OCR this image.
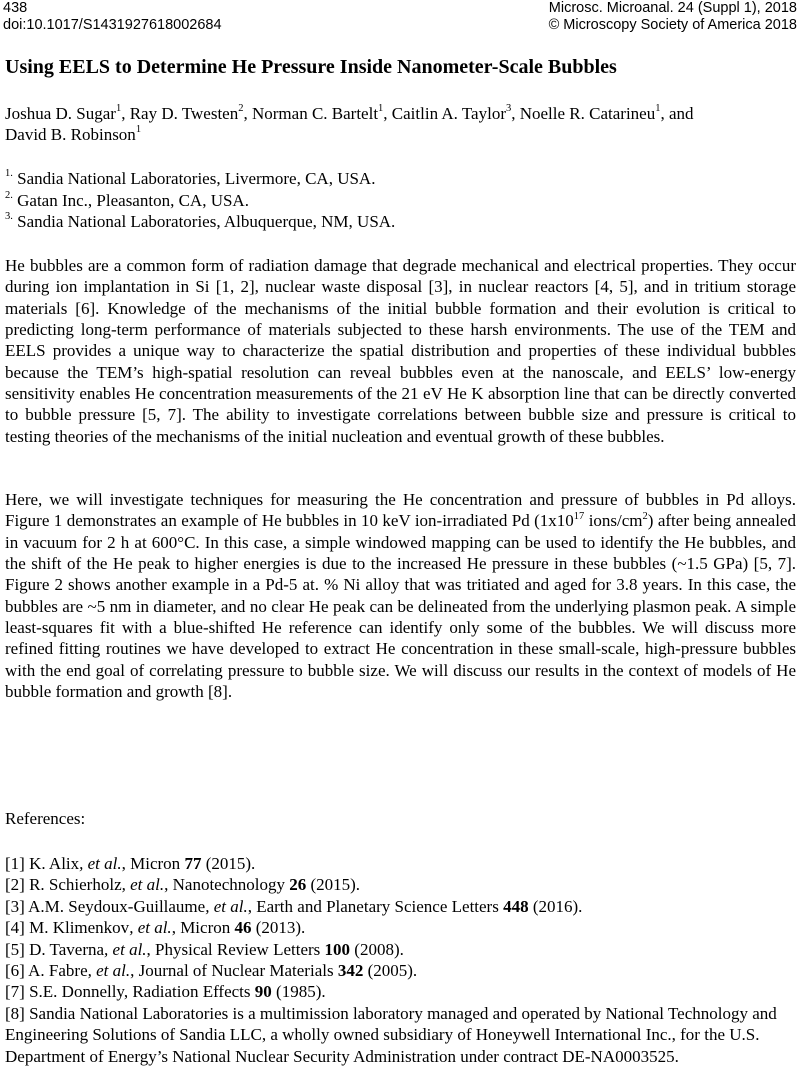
438
doi:10.1017/S1431927618002684
Microsc. Microanal. 24 (Suppl 1), 2018
© Microscopy Society of America 2018
Using EELS to Determine He Pressure Inside Nanometer-Scale Bubbles
Joshua D. Sugar$^1$, Ray D. Twesten$^2$, Norman C. Bartelt$^1$, Caitlin A. Taylor$^3$, Noelle R. Catarineu$^1$, and
David B. Robinson$^1$
$^{1.}$ Sandia National Laboratories, Livermore, CA, USA.
$^{2.}$ Gatan Inc., Pleasanton, CA, USA.
$^{3.}$ Sandia National Laboratories, Albuquerque, NM, USA.

He bubbles are a common form of radiation damage that degrade mechanical and electrical properties. They occur during ion implantation in Si [1, 2], nuclear waste disposal [3], in nuclear reactors [4, 5], and in tritium storage materials [6]. Knowledge of the mechanisms of the initial bubble formation and their evolution is critical to predicting long-term performance of materials subjected to these harsh environments. The use of the TEM and EELS provides a unique way to characterize the spatial distribution and properties of these individual bubbles because the TEM’s high-spatial resolution can reveal bubbles even at the nanoscale, and EELS’ low-energy sensitivity enables He concentration measurements of the 21 eV He K absorption line that can be directly converted to bubble pressure [5, 7]. The ability to investigate correlations between bubble size and pressure is critical to testing theories of the mechanisms of the initial nucleation and eventual growth of these bubbles.

Here, we will investigate techniques for measuring the He concentration and pressure of bubbles in Pd alloys. Figure 1 demonstrates an example of He bubbles in 10 keV ion-irradiated Pd ($1x10^{17}$ ions/$cm^2$) after being annealed in vacuum for 2 h at 600°C. In this case, a simple windowed mapping can be used to identify the He bubbles, and the shift of the He peak to higher energies is due to the increased He pressure in these bubbles (~1.5 GPa) [5, 7]. Figure 2 shows another example in a Pd-5 at. % Ni alloy that was tritiated and aged for 3.8 years. In this case, the bubbles are ~5 nm in diameter, and no clear He peak can be delineated from the underlying plasmon peak. A simple least-squares fit with a blue-shifted He reference can identify only some of the bubbles. We will discuss more refined fitting routines we have developed to extract He concentration in these small-scale, high-pressure bubbles with the end goal of correlating pressure to bubble size. We will discuss our results in the context of models of He bubble formation and growth [8].

References:
[1] K. Alix, et al., Micron 77 (2015).
[2] R. Schierholz, et al., Nanotechnology 26 (2015).
[3] A.M. Seydoux-Guillaume, et al., Earth and Planetary Science Letters 448 (2016).
[4] M. Klimenkov, et al., Micron 46 (2013).
[5] D. Taverna, et al., Physical Review Letters 100 (2008).
[6] A. Fabre, et al., Journal of Nuclear Materials 342 (2005).
[7] S.E. Donnelly, Radiation Effects 90 (1985).
[8] Sandia National Laboratories is a multimission laboratory managed and operated by National Technology and Engineering Solutions of Sandia LLC, a wholly owned subsidiary of Honeywell International Inc., for the U.S. Department of Energy’s National Nuclear Security Administration under contract DE-NA0003525.
